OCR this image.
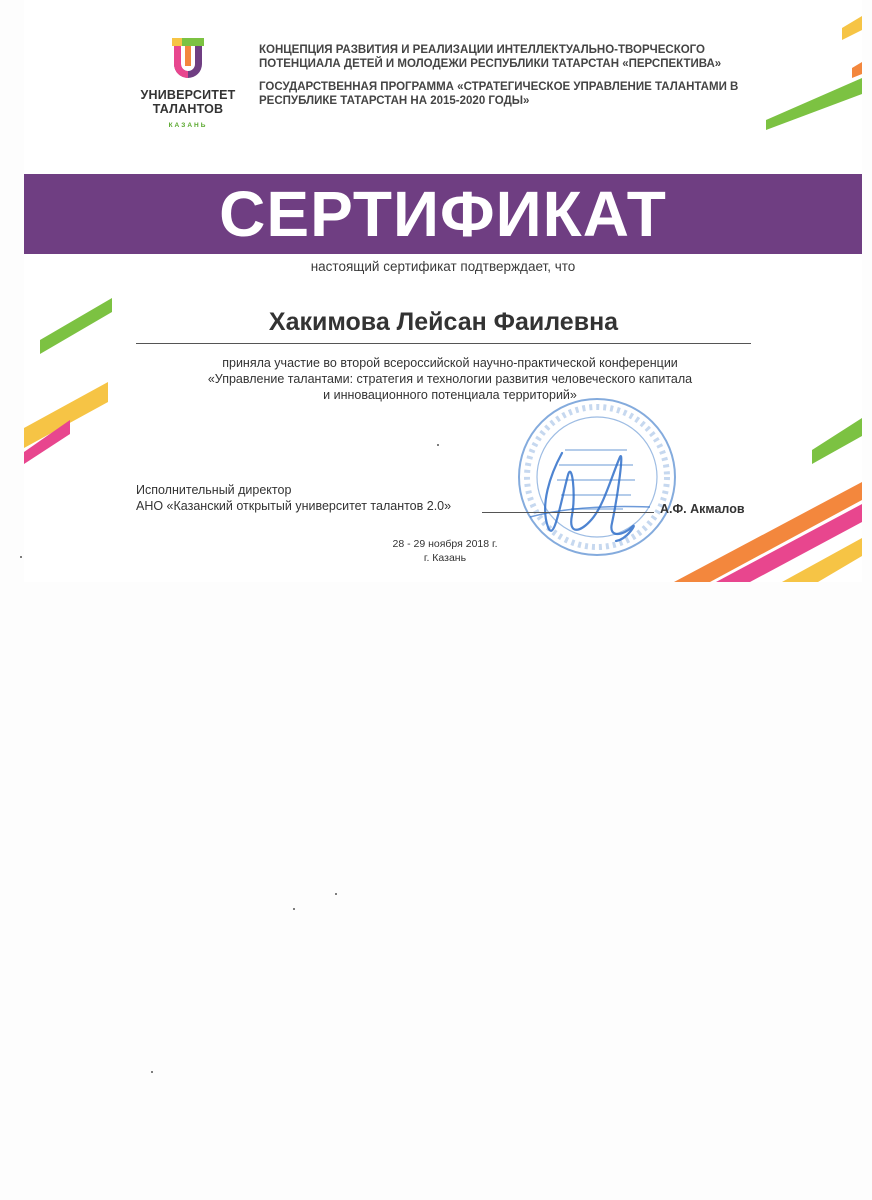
УНИВЕРСИТЕТ
ТАЛАНТОВ
КАЗАНЬ

КОНЦЕПЦИЯ РАЗВИТИЯ И РЕАЛИЗАЦИИ ИНТЕЛЛЕКТУАЛЬНО-ТВОРЧЕСКОГО ПОТЕНЦИАЛА ДЕТЕЙ И МОЛОДЕЖИ РЕСПУБЛИКИ ТАТАРСТАН «ПЕРСПЕКТИВА»

ГОСУДАРСТВЕННАЯ ПРОГРАММА «СТРАТЕГИЧЕСКОЕ УПРАВЛЕНИЕ ТАЛАНТАМИ В РЕСПУБЛИКЕ ТАТАРСТАН НА 2015-2020 ГОДЫ»

СЕРТИФИКАТ
настоящий сертификат подтверждает, что
Хакимова Лейсан Фаилевна
приняла участие во второй всероссийской научно-практической конференции
«Управление талантами: стратегия и технологии развития человеческого капитала
и инновационного потенциала территорий»
Исполнительный директор
АНО «Казанский открытый университет талантов 2.0»	А.Ф. Акмалов
28 - 29 ноября 2018 г.
г. Казань
